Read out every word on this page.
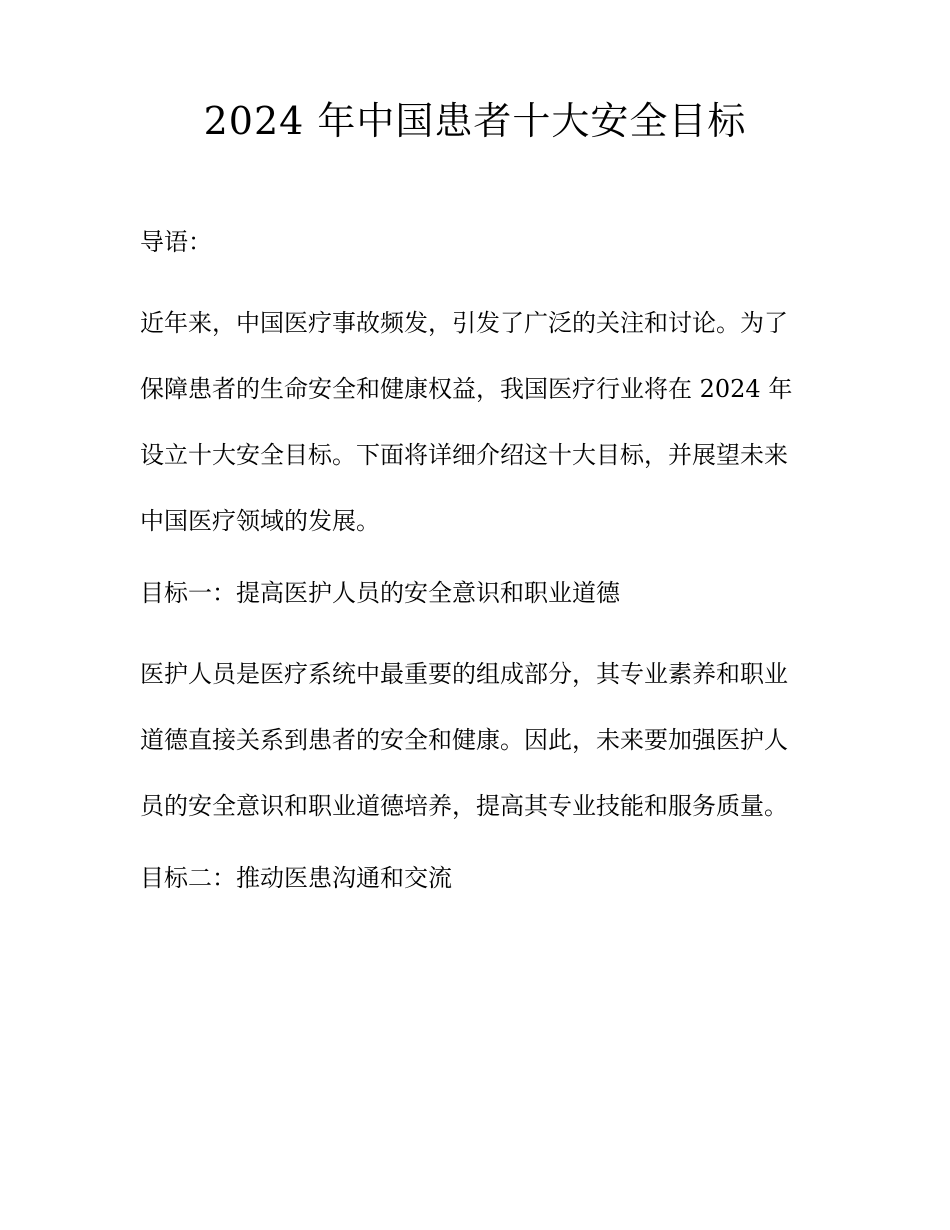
2024 年中国患者十大安全目标

导语：

近年来，中国医疗事故频发，引发了广泛的关注和讨论。为了
保障患者的生命安全和健康权益，我国医疗行业将在 2024 年
设立十大安全目标。下面将详细介绍这十大目标，并展望未来
中国医疗领域的发展。

目标一：提高医护人员的安全意识和职业道德

医护人员是医疗系统中最重要的组成部分，其专业素养和职业
道德直接关系到患者的安全和健康。因此，未来要加强医护人
员的安全意识和职业道德培养，提高其专业技能和服务质量。

目标二：推动医患沟通和交流
